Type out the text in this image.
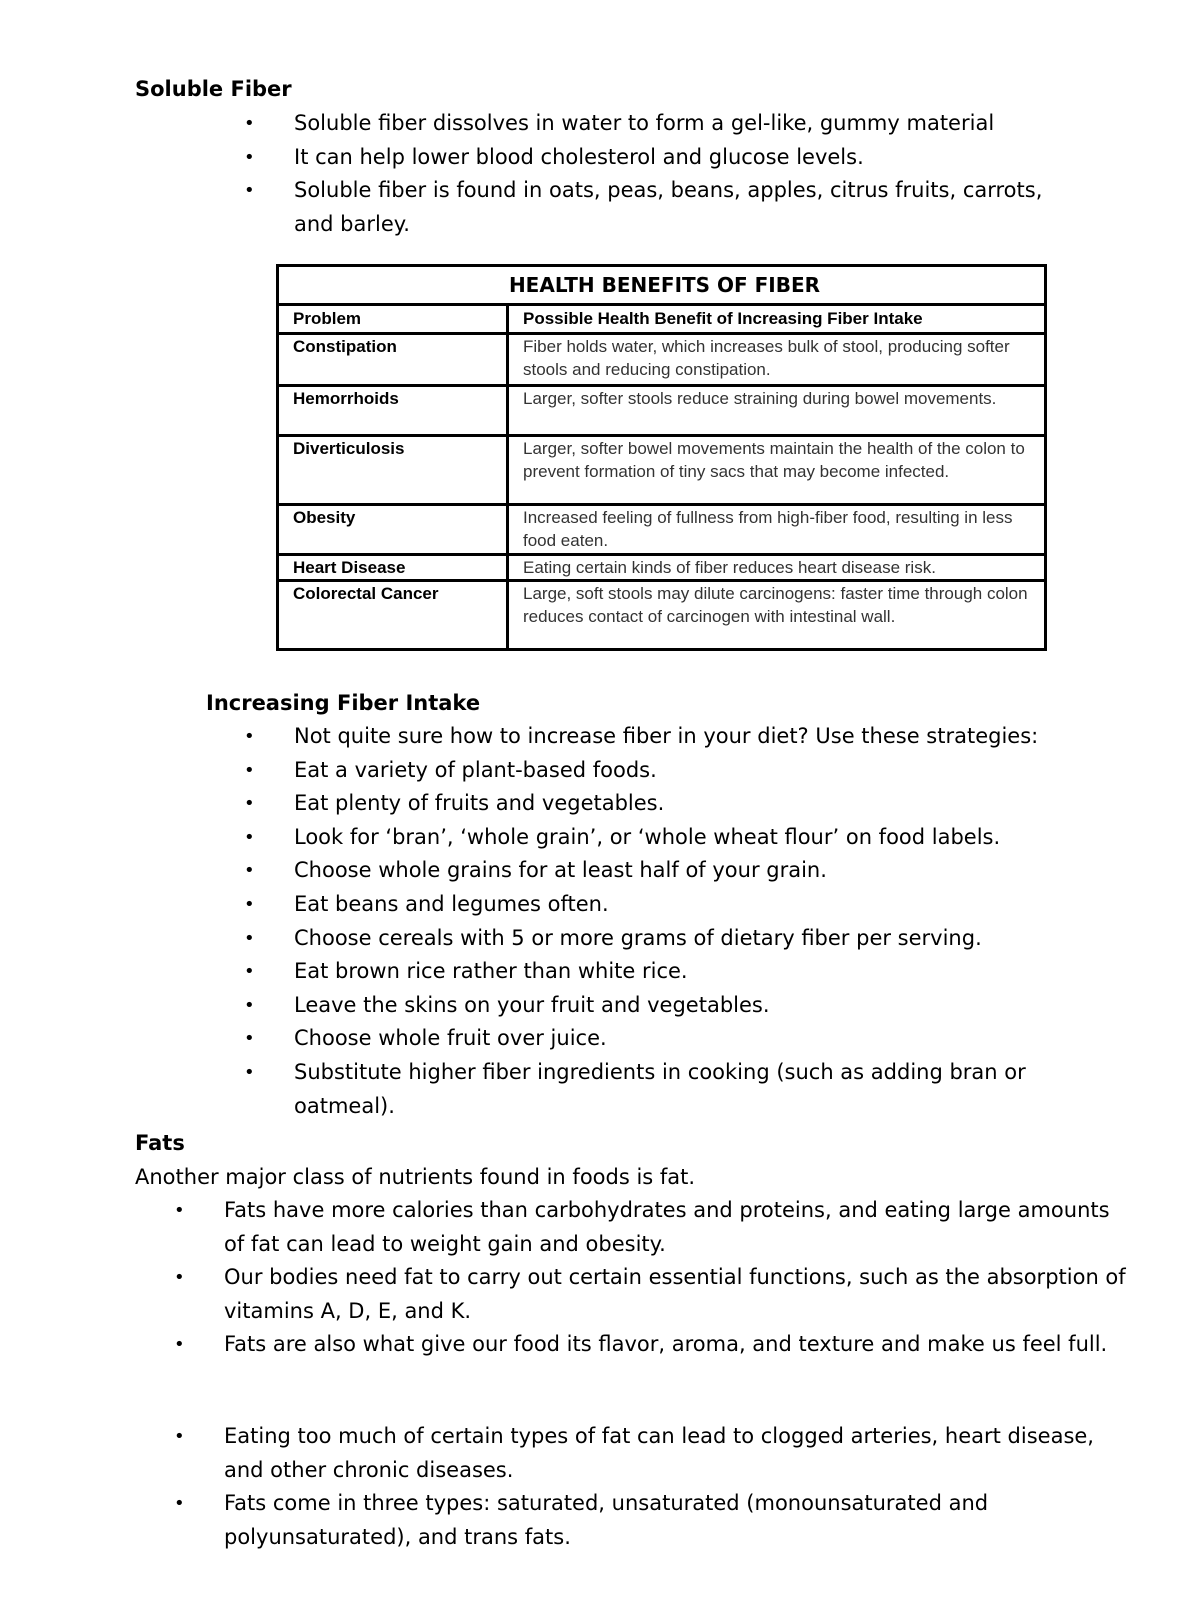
Soluble Fiber
• Soluble fiber dissolves in water to form a gel-like, gummy material
• It can help lower blood cholesterol and glucose levels.
• Soluble fiber is found in oats, peas, beans, apples, citrus fruits, carrots, and barley.
HEALTH BENEFITS OF FIBER	
Problem	Possible Health Benefit of Increasing Fiber Intake
Constipation	Fiber holds water, which increases bulk of stool, producing softer stools and reducing constipation.
Hemorrhoids	Larger, softer stools reduce straining during bowel movements.
Diverticulosis	Larger, softer bowel movements maintain the health of the colon to prevent formation of tiny sacs that may become infected.
Obesity	Increased feeling of fullness from high-fiber food, resulting in less food eaten.
Heart Disease	Eating certain kinds of fiber reduces heart disease risk.
Colorectal Cancer	Large, soft stools may dilute carcinogens: faster time through colon reduces contact of carcinogen with intestinal wall.
Increasing Fiber Intake
• Not quite sure how to increase fiber in your diet? Use these strategies:
• Eat a variety of plant-based foods.
• Eat plenty of fruits and vegetables.
• Look for ‘bran’, ‘whole grain’, or ‘whole wheat flour’ on food labels.
• Choose whole grains for at least half of your grain.
• Eat beans and legumes often.
• Choose cereals with 5 or more grams of dietary fiber per serving.
• Eat brown rice rather than white rice.
• Leave the skins on your fruit and vegetables.
• Choose whole fruit over juice.
• Substitute higher fiber ingredients in cooking (such as adding bran or oatmeal).
Fats
Another major class of nutrients found in foods is fat.
• Fats have more calories than carbohydrates and proteins, and eating large amounts of fat can lead to weight gain and obesity.
• Our bodies need fat to carry out certain essential functions, such as the absorption of vitamins A, D, E, and K.
• Fats are also what give our food its flavor, aroma, and texture and make us feel full.
• Eating too much of certain types of fat can lead to clogged arteries, heart disease, and other chronic diseases.
• Fats come in three types: saturated, unsaturated (monounsaturated and polyunsaturated), and trans fats.
